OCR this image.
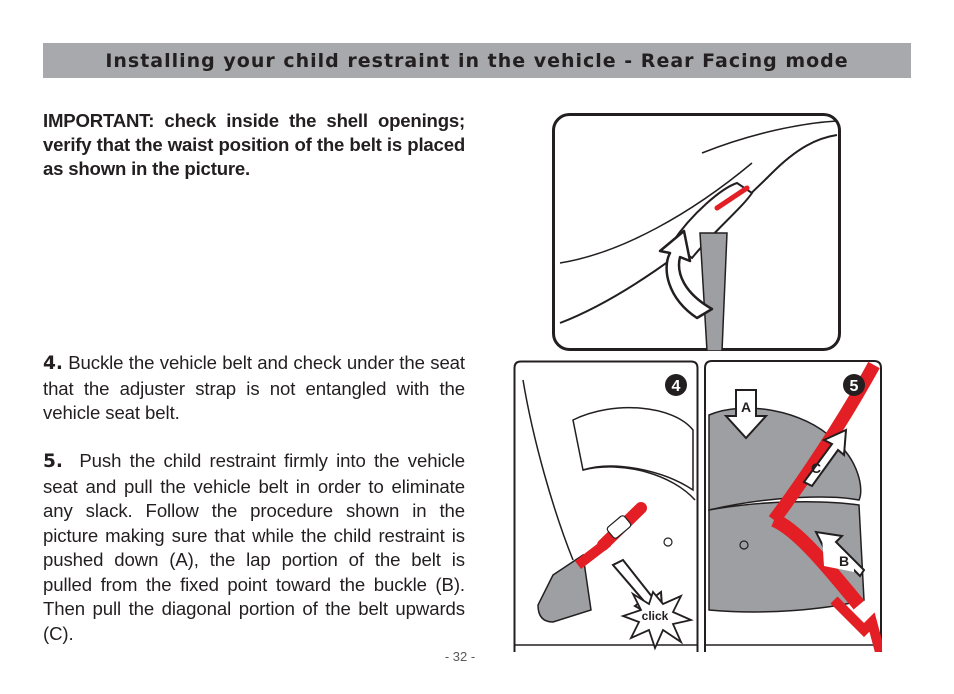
Installing your child restraint in the vehicle - Rear Facing mode
IMPORTANT: check inside the shell openings; verify that the waist position of the belt is placed as shown in the picture.
4. Buckle the vehicle belt and check under the seat that the adjuster strap is not entangled with the vehicle seat belt.
5. Push the child restraint firmly into the vehicle seat and pull the vehicle belt in order to eliminate any slack. Follow the procedure shown in the picture making sure that while the child restraint is pushed down (A), the lap portion of the belt is pulled from the fixed point toward the buckle (B). Then pull the diagonal portion of the belt upwards (C).
click
4
A
C
B
5
- 32 -
